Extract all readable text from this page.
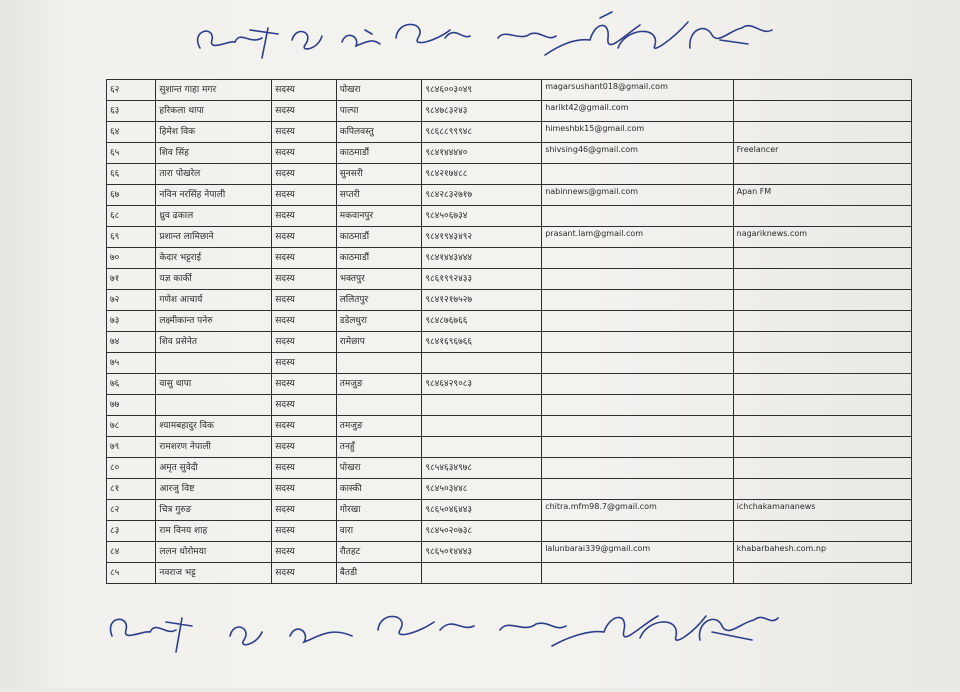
६२	सुशान्त गाहा मगर	सदस्य	पोखरा	९८४६००३०४९	magarsushant018@gmail.com	
६३	हरिकला थापा	सदस्य	पाल्पा	९८४७८३२४३	harikt42@gmail.com	
६४	हिमेश विक	सदस्य	कपिलवस्तु	९८६८८९९९४८	himeshbk15@gmail.com	
६५	शिव सिंह	सदस्य	काठमाडौं	९८४१४४४४०	shivsing46@gmail.com	Freelancer
६६	तारा पोखरेल	सदस्य	सुनसरी	९८४२१७४८८		
६७	नविन नरसिंह नेपाली	सदस्य	सप्तरी	९८४२८३२७१७	nabinnews@gmail.com	Apan FM
६८	ध्रुव ढकाल	सदस्य	मकवानपुर	९८४५०६७३४		
६९	प्रशान्त लामिछाने	सदस्य	काठमाडौं	९८४१९४३४९२	prasant.lam@gmail.com	nagariknews.com
७०	केदार भट्टराई	सदस्य	काठमाडौं	९८४१४४३४४४		
७१	यज्ञ कार्की	सदस्य	भक्तपुर	९८६१९९२४३३		
७२	गणेश आचार्य	सदस्य	ललितपुर	९८४१२१७५२७		
७३	लक्ष्मीकान्त पनेरु	सदस्य	डडेलधुरा	९८४८७६७६६		
७४	शिव प्रसेनेत	सदस्य	रामेछाप	९८४१६९६७६६		
७५		सदस्य				
७६	वासु थापा	सदस्य	तमजुङ	९८४६४२९०८३		
७७		सदस्य				
७८	श्यामबहादुर विक	सदस्य	तमजुङ			
७९	रामशरण नेपाली	सदस्य	तनहुँ			
८०	अमृत सुवेदी	सदस्य	पोखरा	९८५४६३४९७८		
८१	आरजु विष्ट	सदस्य	कास्की	९८४५०३४४८		
८२	चित्र गुरुङ	सदस्य	गोरखा	९८६५०४६४४३	chitra.mfm98.7@gmail.com	ichchakamananews
८३	राम विनय शाह	सदस्य	वारा	९८४५०२०७३८		
८४	ललन धोरोमया	सदस्य	रौतहट	९८६५०१४४४३	lalunbarai339@gmail.com	khabarbahesh.com.np
८५	नवराज भट्ट	सदस्य	बैतडी			
